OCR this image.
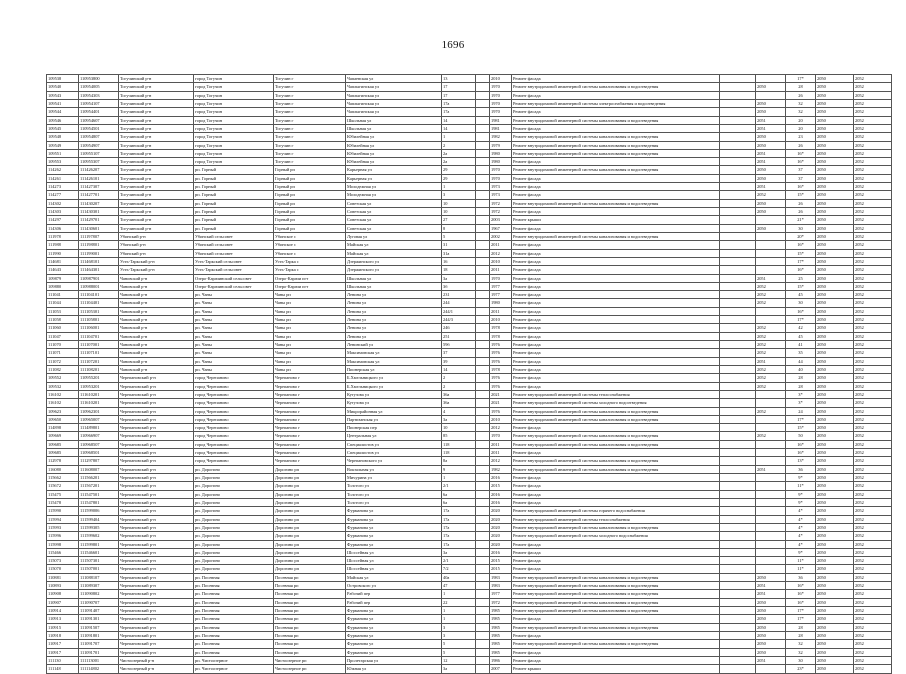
1696
109538	110953800	Тогучинский р-н	город Тогучин	Тогучин г	Чапаевская ул	13		2010	Ремонт фасада			17*	2050	2052
109540	110954005	Тогучинский р-н	город Тогучин	Тогучин г	Чаплыгинская ул	17		1970	Ремонт внутридомовой инженерной системы канализования и водоотведения		2050	28	2050	2052
109543	110954303	Тогучинский р-н	город Тогучин	Тогучин г	Чаплыгинская ул	17		1970	Ремонт фасада			26	2050	2052
109541	110954107	Тогучинский р-н	город Тогучин	Тогучин г	Чаплыгинская ул	17а		1970	Ремонт внутридомовой инженерной системы электроснабжения и водоотведения		2050	32	2050	2052
109544	110954401	Тогучинский р-н	город Тогучин	Тогучин г	Чаплыгинская ул	17а		1970	Ремонт фасада		2050	32	2050	2052
109546	110954607	Тогучинский р-н	город Тогучин	Тогучин г	Школьная ул	14		1981	Ремонт внутридомовой инженерной системы канализования и водоотведения		2051	20	2050	2052
109545	110954501	Тогучинский р-н	город Тогучин	Тогучин г	Школьная ул	14		1981	Ремонт фасада		2051	20	2050	2052
109548	110954807	Тогучинский р-н	город Тогучин	Тогучин г	Юбилейная ул	1		1982	Ремонт внутридомовой инженерной системы канализования и водоотведения		2050	23	2050	2052
109549	110954907	Тогучинский р-н	город Тогучин	Тогучин г	Юбилейная ул	2		1979	Ремонт внутридомовой инженерной системы канализования и водоотведения		2050	26	2050	2052
109551	110955107	Тогучинский р-н	город Тогучин	Тогучин г	Юбилейная ул	2а		1980	Ремонт внутридомовой инженерной системы канализования и водоотведения		2051	16*	2050	2052
109553	110955307	Тогучинский р-н	город Тогучин	Тогучин г	Юбилейная ул	2а		1980	Ремонт фасада		2051	16*	2050	2052
114262	111426207	Тогучинский р-н	рп. Горный	Горный рп	Карьерная ул	29		1970	Ремонт внутридомовой инженерной системы канализования и водоотведения		2050	37	2050	2052
114261	111426101	Тогучинский р-н	рп. Горный	Горный рп	Карьерная ул	29		1970	Ремонт фасада		2050	37	2050	2052
114273	111427307	Тогучинский р-н	рп. Горный	Горный рп	Молодежная ул	1		1973	Ремонт фасада		2051	16*	2050	2052
114277	111427701	Тогучинский р-н	рп. Горный	Горный рп	Молодежная ул	3		1973	Ремонт фасада		2052	15*	2050	2052
114302	111430207	Тогучинский р-н	рп. Горный	Горный рп	Советская ул	10		1972	Ремонт внутридомовой инженерной системы канализования и водоотведения		2050	26	2050	2052
114303	111430301	Тогучинский р-н	рп. Горный	Горный рп	Советская ул	10		1972	Ремонт фасада		2050	26	2050	2052
114297	111429701	Тогучинский р-н	рп. Горный	Горный рп	Советская ул	27		2003	Ремонт крыши			21*	2050	2052
114306	111430601	Тогучинский р-н	рп. Горный	Горный рп	Советская ул	8		1967	Ремонт фасада		2050	30	2050	2052
111978	111197807	Убинский р-н	Убинский сельсовет	Убинское с	Луговая ул	5		2002	Ремонт внутридомовой инженерной системы канализования и водоотведения			20*	2050	2052
111988	111198801	Убинский р-н	Убинский сельсовет	Убинское с	Майская ул	31		2011	Ремонт фасада			16*	2050	2052
111990	111199001	Убинский р-н	Убинский сельсовет	Убинское с	Майская ул	31а		2012	Ремонт фасада			15*	2050	2052
114681	111468101	Усть-Таркский р-н	Усть-Таркский сельсовет	Усть-Тарка с	Дзержинского ул	16		2010	Ремонт фасада			17*	2050	2052
114643	111464301	Усть-Таркский р-н	Усть-Таркский сельсовет	Усть-Тарка с	Дзержинского ул	18		2011	Ремонт фасада			16*	2050	2052
109879	110987901	Чановский р-н	Озеро-Карачинский сельсовет	Озеро-Карачи пгт	Школьная ул	3а		1970	Ремонт фасада		2051	25	2050	2052
109880	110988001	Чановский р-н	Озеро-Карачинский сельсовет	Озеро-Карачи пгт	Школьная ул	3б		1977	Ремонт фасада		2052	15*	2050	2052
111041	111104101	Чановский р-н	рп. Чаны	Чаны рп	Ленина ул	231		1977	Ремонт фасада		2052	45	2050	2052
111044	111104401	Чановский р-н	рп. Чаны	Чаны рп	Ленина ул	244		1980	Ремонт фасада		2052	30	2050	2052
111053	111105301	Чановский р-н	рп. Чаны	Чаны рп	Ленина ул	244/1		2011	Ремонт фасада			16*	2050	2052
111058	111105801	Чановский р-н	рп. Чаны	Чаны рп	Ленина ул	244/3		2010	Ремонт фасада			17*	2050	2052
111060	111106001	Чановский р-н	рп. Чаны	Чаны рп	Ленина ул	246		1978	Ремонт фасада		2052	42	2050	2052
111047	111104701	Чановский р-н	рп. Чаны	Чаны рп	Ленина ул	251		1978	Ремонт фасада		2052	45	2050	2052
111070	111107001	Чановский р-н	рп. Чаны	Чаны рп	Ленинский ул	59б		1976	Ремонт фасада		2052	41	2050	2052
111071	111107101	Чановский р-н	рп. Чаны	Чаны рп	Максимовская ул	37		1976	Ремонт фасада		2052	35	2050	2052
111072	111107201	Чановский р-н	рп. Чаны	Чаны рп	Максимовская ул	39		1976	Ремонт фасада		2051	44	2050	2052
111082	111108201	Чановский р-н	рп. Чаны	Чаны рп	Пионерская ул	14		1978	Ремонт фасада		2052	40	2050	2052
109552	110955201	Черепановский р-н	город Черепаново	Черепаново г	Б.Хмельницкого ул	2		1976	Ремонт фасада		2052	28	2050	2052
109532	110953201	Черепановский р-н	город Черепаново	Черепаново г	Б.Хмельницкого ул	2		1976	Ремонт фасада		2052	28	2050	2052
116102	111610201	Черепановский р-н	город Черепаново	Черепаново г	Кутузова ул	36а		2021	Ремонт внутридомовой инженерной системы теплоснабжения			3*	2050	2052
116102	111610201	Черепановский р-н	город Черепаново	Черепаново г	Кутузова ул	36а		2021	Ремонт внутридомовой инженерной системы холодного водоотведения			3*	2050	2052
109623	110962301	Черепановский р-н	город Черепаново	Черепаново г	Микрорайонная ул	4		1976	Ремонт внутридомовой инженерной системы канализования и водоотведения		2052	24	2050	2052
109650	110965007	Черепановский р-н	город Черепаново	Черепаново г	Партизанская ул	3а		2010	Ремонт внутридомовой инженерной системы канализования и водоотведения			17*	2050	2052
114898	111489801	Черепановский р-н	город Черепаново	Черепаново г	Пионерская пер	10		2012	Ремонт фасада			15*	2050	2052
109669	110966907	Черепановский р-н	город Черепаново	Черепаново г	Центральная ул	85		1970	Ремонт внутридомовой инженерной системы канализования и водоотведения		2052	50	2050	2052
109685	110968507	Черепановский р-н	город Черепаново	Черепаново г	Специалистов ул	118		2011	Ремонт внутридомовой инженерной системы канализования и водоотведения			16*	2050	2052
109685	110968501	Черепановский р-н	город Черепаново	Черепаново г	Специалистов ул	118		2011	Ремонт фасада			16*	2050	2052
112978	111297807	Черепановский р-н	город Черепаново	Черепаново г	Черепановского ул	8а		2012	Ремонт внутридомовой инженерной системы канализования и водоотведения			13*	2050	2052
116080	111608007	Черепановский р-н	рп. Дорогино	Дорогино рп	Вокзальная ул	9		1982	Ремонт внутридомовой инженерной системы канализования и водоотведения		2051	36	2050	2052
115662	111566201	Черепановский р-н	рп. Дорогино	Дорогино рп	Мичурина ул	1		2016	Ремонт фасада			9*	2050	2052
115672	111567201	Черепановский р-н	рп. Дорогино	Дорогино рп	Толстого ул	2/1		2015	Ремонт фасада			11*	2050	2052
115475	111547501	Черепановский р-н	рп. Дорогино	Дорогино рп	Толстого ул	6а		2016	Ремонт фасада			9*	2050	2052
115478	111547801	Черепановский р-н	рп. Дорогино	Дорогино рп	Толстого ул	6а		2016	Ремонт фасада			9*	2050	2052
115990	111599006	Черепановский р-н	рп. Дорогино	Дорогино рп	Фурманова ул	17а		2020	Ремонт внутридомовой инженерной системы горячего водоснабжения			4*	2050	2052
115994	111599404	Черепановский р-н	рп. Дорогино	Дорогино рп	Фурманова ул	17а		2020	Ремонт внутридомовой инженерной системы теплоснабжения			4*	2050	2052
115993	111599305	Черепановский р-н	рп. Дорогино	Дорогино рп	Фурманова ул	17а		2020	Ремонт внутридомовой инженерной системы канализования и водоотведения			4*	2050	2052
115996	111599602	Черепановский р-н	рп. Дорогино	Дорогино рп	Фурманова ул	17а		2020	Ремонт внутридомовой инженерной системы холодного водоснабжения			4*	2050	2052
115998	111599801	Черепановский р-н	рп. Дорогино	Дорогино рп	Фурманова ул	17а		2020	Ремонт фасада			4*	2050	2052
115466	111546601	Черепановский р-н	рп. Дорогино	Дорогино рп	Шоссейная ул	3а		2016	Ремонт фасада			9*	2050	2052
115073	111507301	Черепановский р-н	рп. Дорогино	Дорогино рп	Шоссейная ул	2/1		2015	Ремонт фасада			11*	2050	2052
115070	111507001	Черепановский р-н	рп. Дорогино	Дорогино рп	Шоссейная ул	7/2		2015	Ремонт фасада			11*	2050	2052
110881	111088107	Черепановский р-н	рп. Посевная	Посевная рп	Майская ул	40а		1983	Ремонт внутридомовой инженерной системы канализования и водоотведения		2050	36	2050	2052
110893	111089307	Черепановский р-н	рп. Посевная	Посевная рп	Островского ул	47		1983	Ремонт внутридомовой инженерной системы канализования и водоотведения		2051	16*	2050	2052
110908	111090802	Черепановский р-н	рп. Посевная	Посевная рп	Рабочий пер	1		1977	Ремонт внутридомовой инженерной системы канализования и водоотведения		2051	16*	2050	2052
110907	111090707	Черепановский р-н	рп. Посевная	Посевная рп	Рабочий пер	22		1972	Ремонт внутридомовой инженерной системы канализования и водоотведения		2050	16*	2050	2052
110914	111091407	Черепановский р-н	рп. Посевная	Посевная рп	Фурманова ул	1		1985	Ремонт внутридомовой инженерной системы канализования и водоотведения		2050	17*	2050	2052
110913	111091301	Черепановский р-н	рп. Посевная	Посевная рп	Фурманова ул	1		1985	Ремонт фасада		2050	17*	2050	2052
110915	111091507	Черепановский р-н	рп. Посевная	Посевная рп	Фурманова ул	3		1985	Ремонт внутридомовой инженерной системы канализования и водоотведения		2050	28	2050	2052
110918	111091801	Черепановский р-н	рп. Посевная	Посевная рп	Фурманова ул	3		1985	Ремонт фасада		2050	28	2050	2052
110917	111091707	Черепановский р-н	рп. Посевная	Посевная рп	Фурманова ул	5		1985	Ремонт внутридомовой инженерной системы канализования и водоотведения		2050	32	2050	2052
110917	111091701	Черепановский р-н	рп. Посевная	Посевная рп	Фурманова ул	5		1985	Ремонт фасада		2050	32	2050	2052
111130	111113001	Чистоозерный р-н	рп. Чистоозерное	Чистоозерное рп	Пролетарская ул	12		1986	Ремонт фасада		2051	30	2050	2052
111148	111114802	Чистоозерный р-н	рп. Чистоозерное	Чистоозерное рп	Южная ул	3а		2007	Ремонт крыши			23*	2050	2052
